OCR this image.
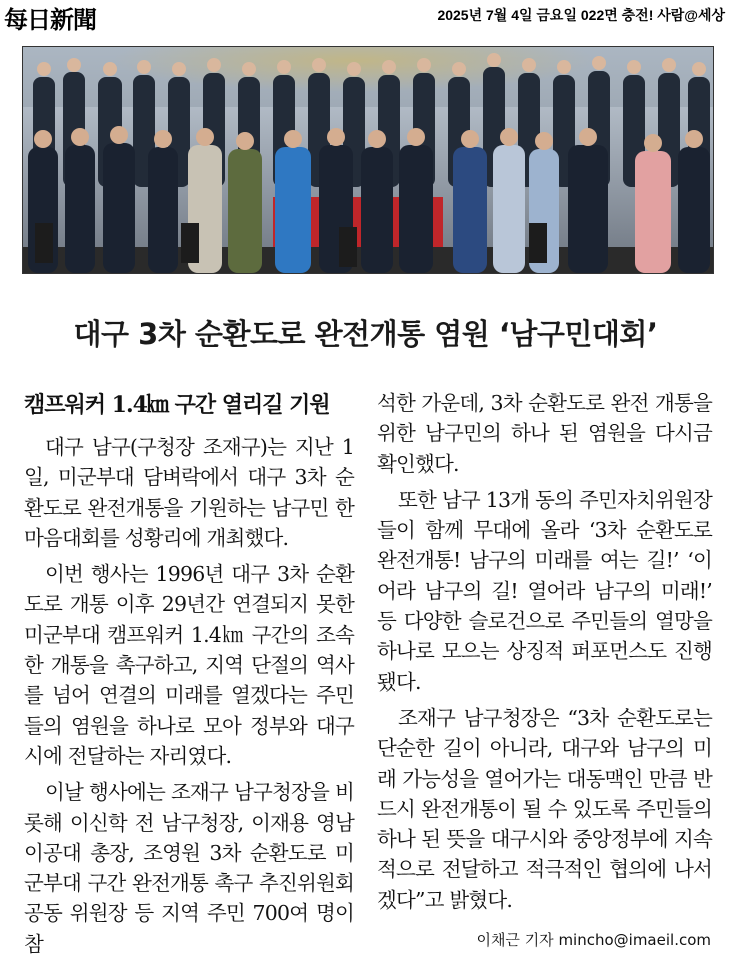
每日新聞	2025년 7월 4일 금요일 022면 충전! 사람@세상
대구 3차 순환도로 완전개통 염원 ‘남구민대회’
캠프워커 1.4㎞ 구간 열리길 기원

대구 남구(구청장 조재구)는 지난 1일, 미군부대 담벼락에서 대구 3차 순환도로 완전개통을 기원하는 남구민 한마음대회를 성황리에 개최했다.

이번 행사는 1996년 대구 3차 순환도로 개통 이후 29년간 연결되지 못한 미군부대 캠프워커 1.4㎞ 구간의 조속한 개통을 촉구하고, 지역 단절의 역사를 넘어 연결의 미래를 열겠다는 주민들의 염원을 하나로 모아 정부와 대구시에 전달하는 자리였다.

이날 행사에는 조재구 남구청장을 비롯해 이신학 전 남구청장, 이재용 영남이공대 총장, 조영원 3차 순환도로 미군부대 구간 완전개통 촉구 추진위원회 공동 위원장 등 지역 주민 700여 명이 참

석한 가운데, 3차 순환도로 완전 개통을 위한 남구민의 하나 된 염원을 다시금 확인했다.

또한 남구 13개 동의 주민자치위원장들이 함께 무대에 올라 ‘3차 순환도로 완전개통! 남구의 미래를 여는 길!’ ‘이어라 남구의 길! 열어라 남구의 미래!’ 등 다양한 슬로건으로 주민들의 열망을 하나로 모으는 상징적 퍼포먼스도 진행됐다.

조재구 남구청장은 “3차 순환도로는 단순한 길이 아니라, 대구와 남구의 미래 가능성을 열어가는 대동맥인 만큼 반드시 완전개통이 될 수 있도록 주민들의 하나 된 뜻을 대구시와 중앙정부에 지속적으로 전달하고 적극적인 협의에 나서겠다”고 밝혔다.

이채근 기자 mincho@imaeil.com
